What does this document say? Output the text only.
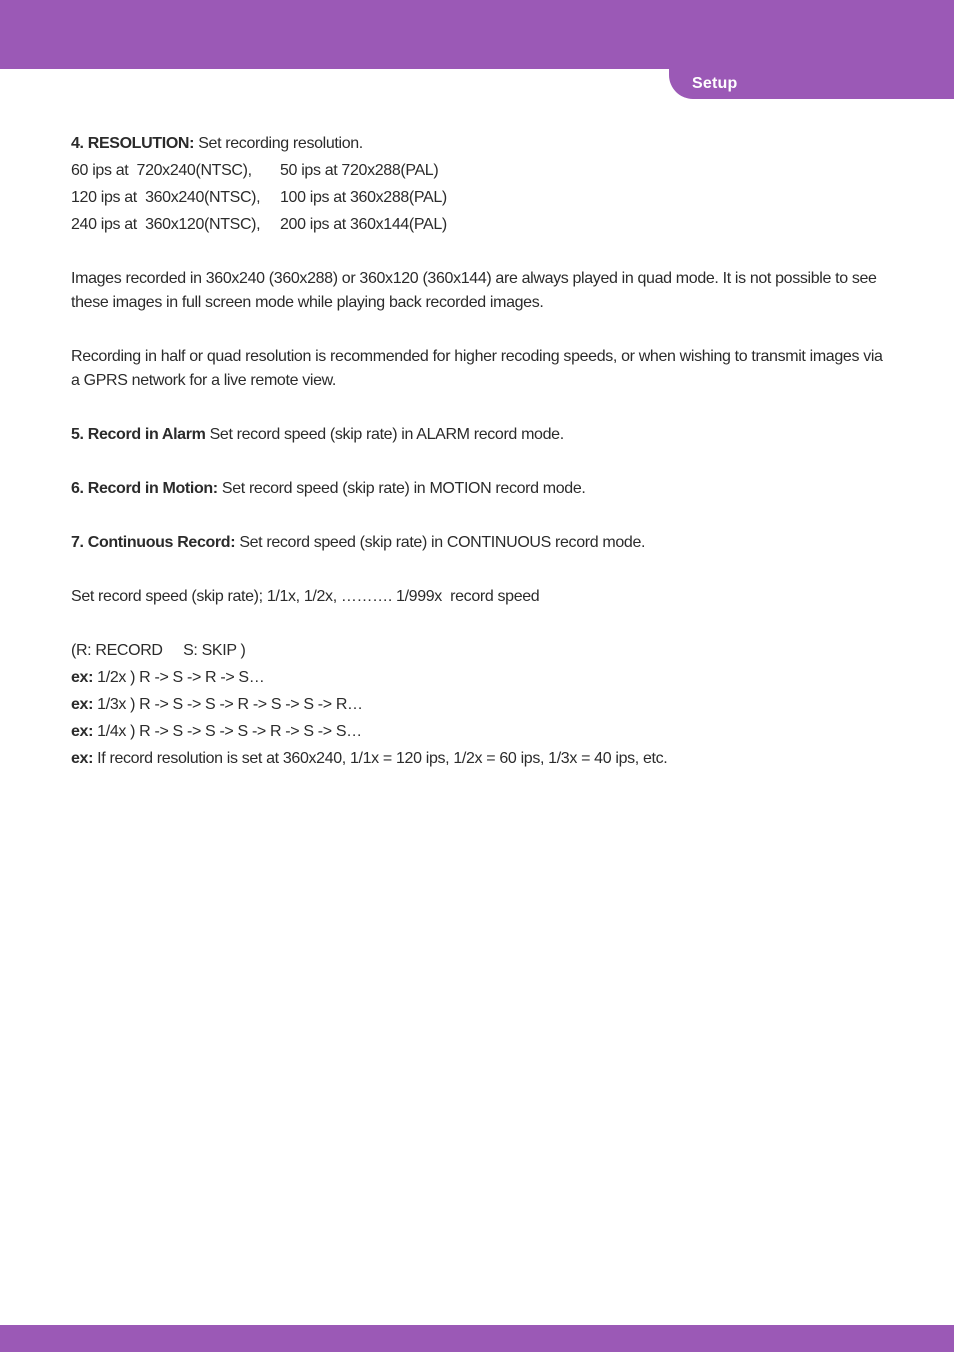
Setup

4. RESOLUTION: Set recording resolution.

60 ips at  720x240(NTSC), 50 ips at 720x288(PAL)

120 ips at  360x240(NTSC), 100 ips at 360x288(PAL)

240 ips at  360x120(NTSC), 200 ips at 360x144(PAL)

Images recorded in 360x240 (360x288) or 360x120 (360x144) are always played in quad mode. It is not possible to see these images in full screen mode while playing back recorded images.

Recording in half or quad resolution is recommended for higher recoding speeds, or when wishing to transmit images via a GPRS network for a live remote view.

5. Record in Alarm Set record speed (skip rate) in ALARM record mode.

6. Record in Motion: Set record speed (skip rate) in MOTION record mode.

7. Continuous Record: Set record speed (skip rate) in CONTINUOUS record mode.

Set record speed (skip rate); 1/1x, 1/2x, ………. 1/999x  record speed

(R: RECORD     S: SKIP )

ex: 1/2x ) R -> S -> R -> S…

ex: 1/3x ) R -> S -> S -> R -> S -> S -> R…

ex: 1/4x ) R -> S -> S -> S -> R -> S -> S…

ex: If record resolution is set at 360x240, 1/1x = 120 ips, 1/2x = 60 ips, 1/3x = 40 ips, etc.
